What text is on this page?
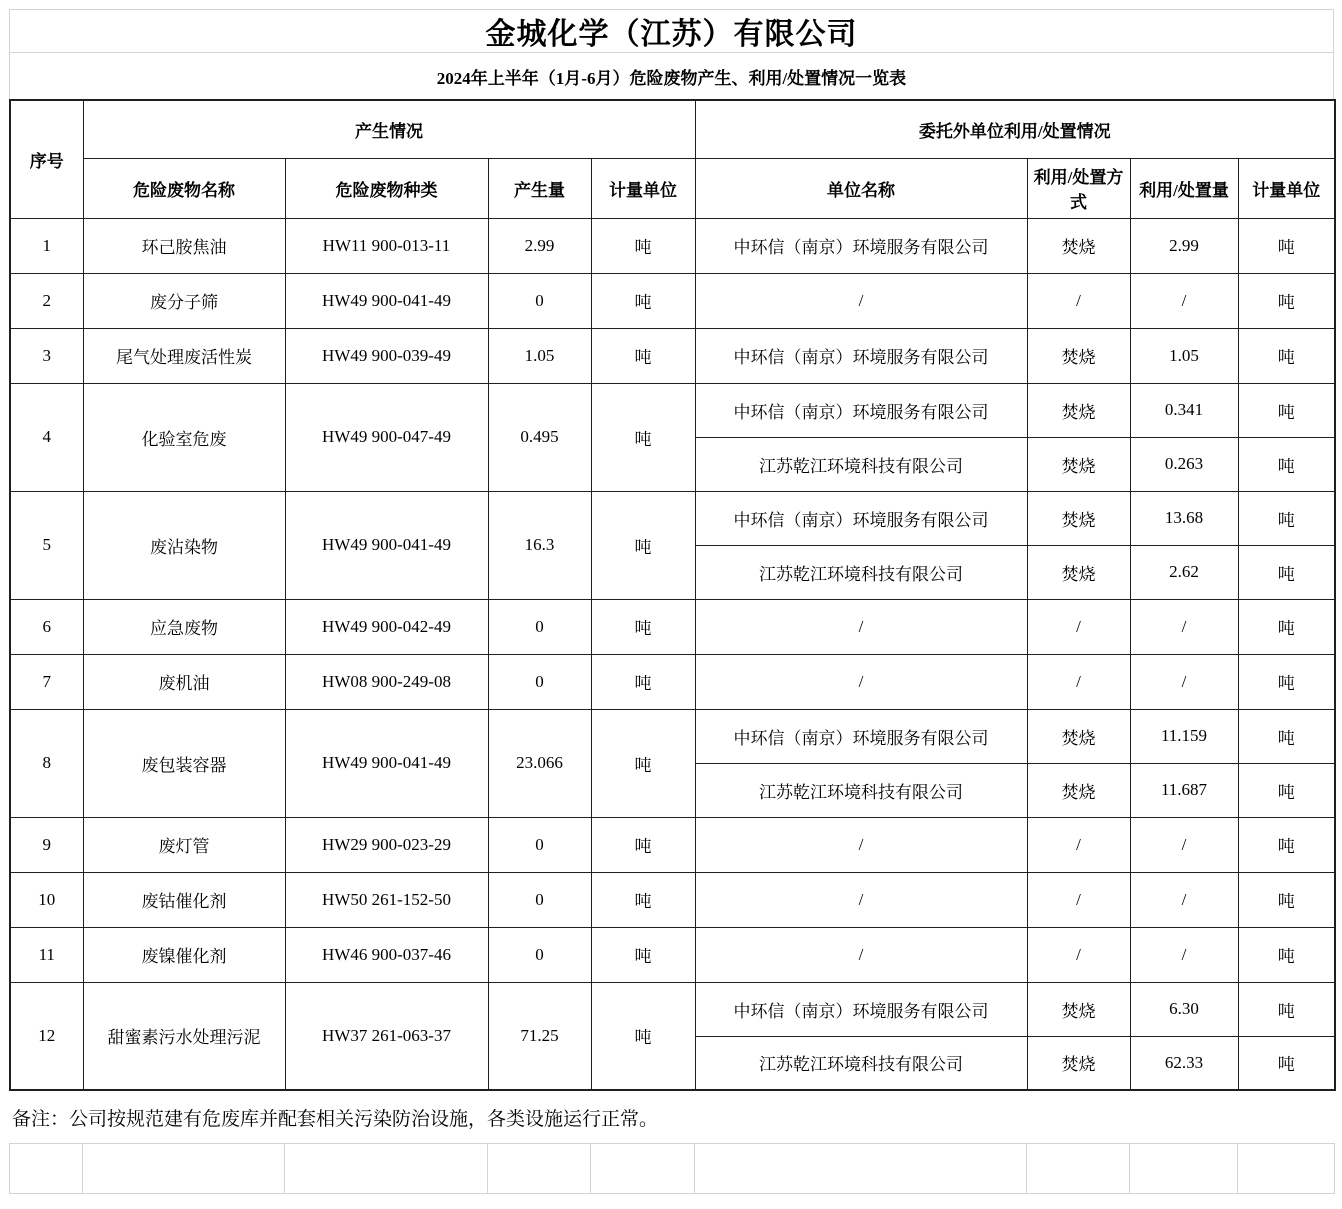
金城化学（江苏）有限公司
2024年上半年（1月-6月）危险废物产生、利用/处置情况一览表
序号	产生情况				委托外单位利用/处置情况			
	危险废物名称	危险废物种类	产生量	计量单位	单位名称	利用/处置方式	利用/处置量	计量单位
1	环己胺焦油	HW11 900-013-11	2.99	吨	中环信（南京）环境服务有限公司	焚烧	2.99	吨
2	废分子筛	HW49 900-041-49	0	吨	/	/	/	吨
3	尾气处理废活性炭	HW49 900-039-49	1.05	吨	中环信（南京）环境服务有限公司	焚烧	1.05	吨
4	化验室危废	HW49 900-047-49	0.495	吨	中环信（南京）环境服务有限公司	焚烧	0.341	吨
					江苏乾江环境科技有限公司	焚烧	0.263	吨
5	废沾染物	HW49 900-041-49	16.3	吨	中环信（南京）环境服务有限公司	焚烧	13.68	吨
					江苏乾江环境科技有限公司	焚烧	2.62	吨
6	应急废物	HW49 900-042-49	0	吨	/	/	/	吨
7	废机油	HW08 900-249-08	0	吨	/	/	/	吨
8	废包装容器	HW49 900-041-49	23.066	吨	中环信（南京）环境服务有限公司	焚烧	11.159	吨
					江苏乾江环境科技有限公司	焚烧	11.687	吨
9	废灯管	HW29 900-023-29	0	吨	/	/	/	吨
10	废钴催化剂	HW50 261-152-50	0	吨	/	/	/	吨
11	废镍催化剂	HW46 900-037-46	0	吨	/	/	/	吨
12	甜蜜素污水处理污泥	HW37 261-063-37	71.25	吨	中环信（南京）环境服务有限公司	焚烧	6.30	吨
					江苏乾江环境科技有限公司	焚烧	62.33	吨
备注：公司按规范建有危废库并配套相关污染防治设施，各类设施运行正常。
